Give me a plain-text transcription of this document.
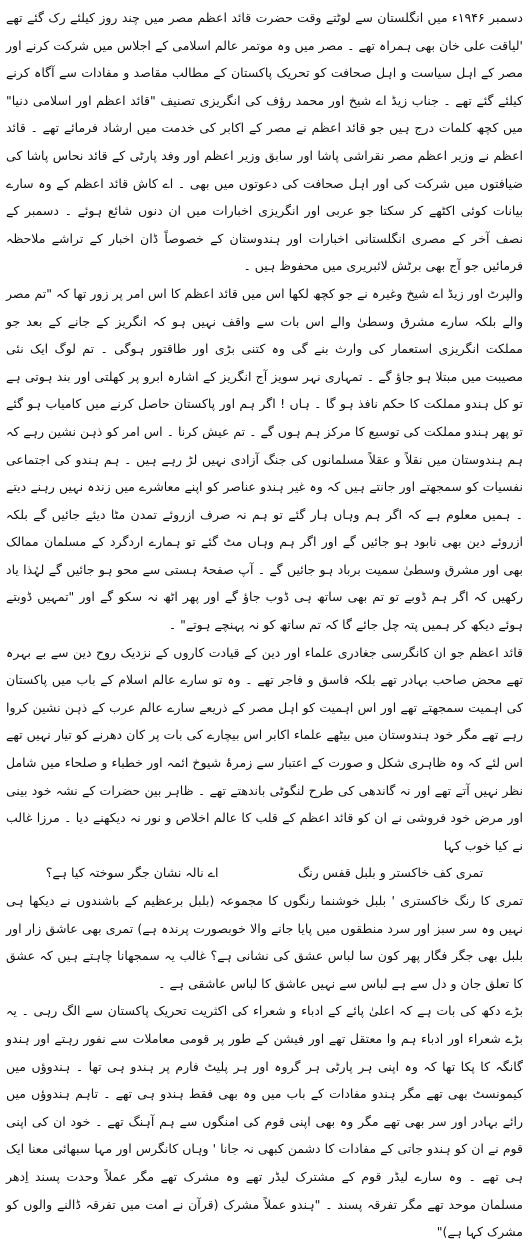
دسمبر ۱۹۴۶ء میں انگلستان سے لوٹتے وقت حضرت قائد اعظم مصر میں چند روز کیلئے رک گئے تھے 'لیاقت علی خان بھی ہمراہ تھے ۔ مصر میں وہ موتمر عالم اسلامی کے اجلاس میں شرکت کرنے اور مصر کے اہل سیاست و اہل صحافت کو تحریک پاکستان کے مطالب مقاصد و مفادات سے آگاہ کرنے کیلئے گئے تھے ۔ جناب زیڈ اے شیخ اور محمد رؤف کی انگریزی تصنیف "قائد اعظم اور اسلامی دنیا" میں کچھ کلمات درج ہیں جو قائد اعظم نے مصر کے اکابر کی خدمت میں ارشاد فرمائے تھے ۔ قائد اعظم نے وزیر اعظم مصر نقراشی پاشا اور سابق وزیر اعظم اور وفد پارٹی کے قائد نحاس پاشا کی ضیافتوں میں شرکت کی اور اہل صحافت کی دعوتوں میں بھی ۔ اے کاش قائد اعظم کے وہ سارے بیانات کوئی اکٹھے کر سکتا جو عربی اور انگریزی اخبارات میں ان دنوں شائع ہوئے ۔ دسمبر کے نصف آخر کے مصری انگلستانی اخبارات اور ہندوستان کے خصوصاً ڈان اخبار کے تراشے ملاحظہ فرمائیں جو آج بھی برٹش لائبریری میں محفوظ ہیں ۔

والپرٹ اور زیڈ اے شیخ وغیرہ نے جو کچھ لکھا اس میں قائد اعظم کا اس امر پر زور تھا کہ "تم مصر والے بلکہ سارے مشرق وسطیٰ والے اس بات سے واقف نہیں ہو کہ انگریز کے جانے کے بعد جو مملکت انگریزی استعمار کی وارث بنے گی وہ کتنی بڑی اور طاقتور ہوگی ۔ تم لوگ ایک نئی مصیبت میں مبتلا ہو جاؤ گے ۔ تمہاری نہر سویز آج انگریز کے اشارہ ابرو پر کھلتی اور بند ہوتی ہے تو کل ہندو مملکت کا حکم نافذ ہو گا ۔ ہاں ! اگر ہم اور پاکستان حاصل کرنے میں کامیاب ہو گئے تو پھر ہندو مملکت کی توسیع کا مرکز ہم ہوں گے ۔ تم عیش کرنا ۔ اس امر کو ذہن نشین رہے کہ ہم ہندوستان میں نقلاً و عقلاً مسلمانوں کی جنگ آزادی نہیں لڑ رہے ہیں ۔ ہم ہندو کی اجتماعی نفسیات کو سمجھتے اور جانتے ہیں کہ وہ غیر ہندو عناصر کو اپنے معاشرے میں زندہ نہیں رہنے دیتے ۔ ہمیں معلوم ہے کہ اگر ہم وہاں ہار گئے تو ہم نہ صرف ازروئے تمدن مٹا دیئے جائیں گے بلکہ ازروئے دین بھی نابود ہو جائیں گے اور اگر ہم وہاں مٹ گئے تو ہمارے اردگرد کے مسلمان ممالک بھی اور مشرق وسطیٰ سمیت برباد ہو جائیں گے ۔ آپ صفحۂ ہستی سے محو ہو جائیں گے لہٰذا یاد رکھیں کہ اگر ہم ڈوبے تو تم بھی ساتھ ہی ڈوب جاؤ گے اور پھر اٹھ نہ سکو گے اور "تمہیں ڈوبتے ہوئے دیکھ کر ہمیں پتہ چل جائے گا کہ تم ساتھ کو نہ پہنچے ہوتے" ۔

قائد اعظم جو ان کانگرسی جغادری علماء اور دین کے قیادت کاروں کے نزدیک روح دین سے بے بہرہ تھے محض صاحب بہادر تھے بلکہ فاسق و فاجر تھے ۔ وہ تو سارے عالم اسلام کے باب میں پاکستان کی اہمیت سمجھتے تھے اور اس اہمیت کو اہل مصر کے ذریعے سارے عالم عرب کے ذہن نشین کروا رہے تھے مگر خود ہندوستان میں بیٹھے علماء اکابر اس بیچارے کی بات پر کان دھرنے کو تیار نہیں تھے اس لئے کہ وہ ظاہری شکل و صورت کے اعتبار سے زمرۂ شیوخ ائمہ اور خطباء و صلحاء میں شامل نظر نہیں آتے تھے اور نہ گاندھی کی طرح لنگوٹی باندھتے تھے ۔ ظاہر بین حضرات کے نشہ خود بینی اور مرض خود فروشی نے ان کو قائد اعظم کے قلب کا عالم اخلاص و نور نہ دیکھنے دیا ۔ مرزا غالب نے کیا خوب کہا

تمری کف خاکستر و بلبل قفس رنگ
اے نالہ نشان جگر سوختہ کیا ہے؟

تمری کا رنگ خاکستری ' بلبل خوشنما رنگوں کا مجموعہ (بلبل برعظیم کے باشندوں نے دیکھا ہی نہیں وہ سر سبز اور سرد منطقوں میں پایا جانے والا خوبصورت پرندہ ہے) تمری بھی عاشق زار اور بلبل بھی جگر فگار پھر کون سا لباس عشق کی نشانی ہے؟ غالب یہ سمجھانا چاہتے ہیں کہ عشق کا تعلق جان و دل سے ہے لباس سے نہیں عاشق کا لباس عاشقی ہے ۔

بڑے دکھ کی بات ہے کہ اعلیٰ پائے کے ادباء و شعراء کی اکثریت تحریک پاکستان سے الگ رہی ۔ یہ بڑے شعراء اور ادباء ہم وا معتقل تھے اور فیشن کے طور پر قومی معاملات سے نفور رہتے اور ہندو گانگہ کا پکا تھا کہ وہ اپنی ہر پارٹی ہر گروہ اور ہر پلیٹ فارم پر ہندو ہی تھا ۔ ہندوؤں میں کیمونسٹ بھی تھے مگر ہندو مفادات کے باب میں وہ بھی فقط ہندو ہی تھے ۔ تاہم ہندوؤں میں رائے بہادر اور سر بھی تھے مگر وہ بھی اپنی قوم کی امنگوں سے ہم آہنگ تھے ۔ خود ان کی اپنی قوم نے ان کو ہندو جاتی کے مفادات کا دشمن کبھی نہ جانا ' وہاں کانگرس اور مہا سبھائی معنا ایک ہی تھے ۔ وہ سارے لیڈر قوم کے مشترک لیڈر تھے وہ مشرک تھے مگر عملاً وحدت پسند اِدھر مسلمان موحد تھے مگر تفرقہ پسند ۔ "ہندو عملاً مشرک (قرآن نے امت میں تفرقہ ڈالنے والوں کو مشرک کہا ہے)"
